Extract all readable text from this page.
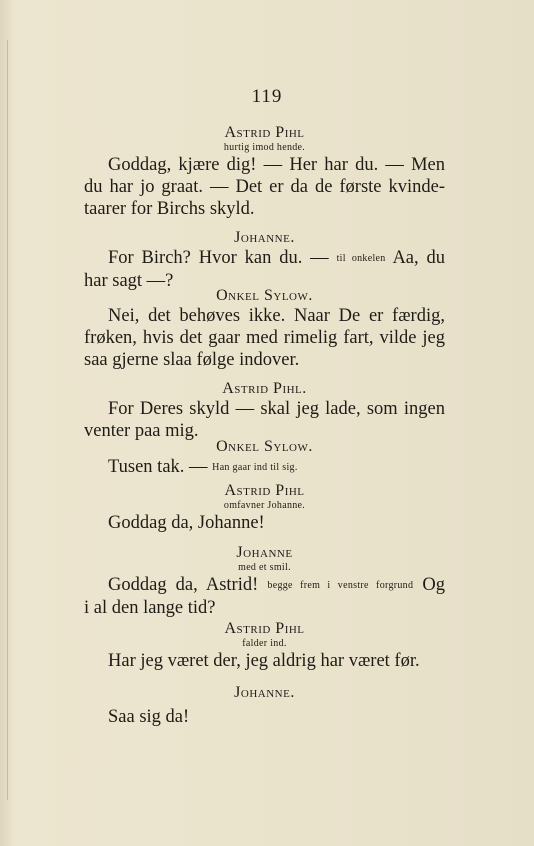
119
Astrid Pihl
hurtig imod hende.
Goddag, kjære dig! — Her har du. — Men
du har jo graat. — Det er da de første kvinde-
taarer for Birchs skyld.
Johanne.
For Birch? Hvor kan du. — til onkelen Aa, du
har sagt —?
Onkel Sylow.
Nei, det behøves ikke. Naar De er færdig,
frøken, hvis det gaar med rimelig fart, vilde jeg
saa gjerne slaa følge indover.
Astrid Pihl.
For Deres skyld — skal jeg lade, som ingen
venter paa mig.
Onkel Sylow.
Tusen tak. — Han gaar ind til sig.
Astrid Pihl
omfavner Johanne.
Goddag da, Johanne!
Johanne
med et smil.
Goddag da, Astrid! begge frem i venstre forgrund Og
i al den lange tid?
Astrid Pihl
falder ind.
Har jeg været der, jeg aldrig har været før.
Johanne.
Saa sig da!
